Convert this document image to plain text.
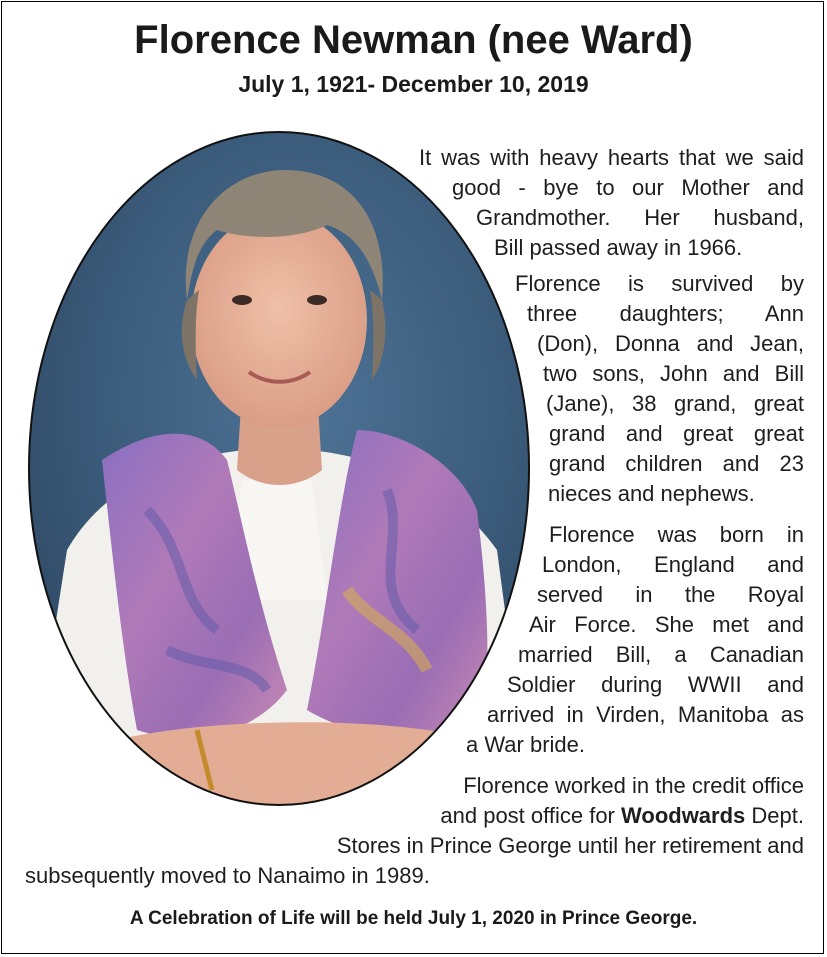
Florence Newman (nee Ward)
July 1, 1921- December 10, 2019
It was with heavy hearts that we said
good - bye to our Mother and
Grandmother. Her husband,
Bill passed away in 1966.
Florence is survived by
three daughters; Ann
(Don), Donna and Jean,
two sons, John and Bill
(Jane), 38 grand, great
grand and great great
grand children and 23
nieces and nephews.
Florence was born in
London, England and
served in the Royal
Air Force. She met and
married Bill, a Canadian
Soldier during WWII and
arrived in Virden, Manitoba as
a War bride.
Florence worked in the credit office
and post office for Woodwards Dept.
Stores in Prince George until her retirement and
subsequently moved to Nanaimo in 1989.
A Celebration of Life will be held July 1, 2020 in Prince George.
